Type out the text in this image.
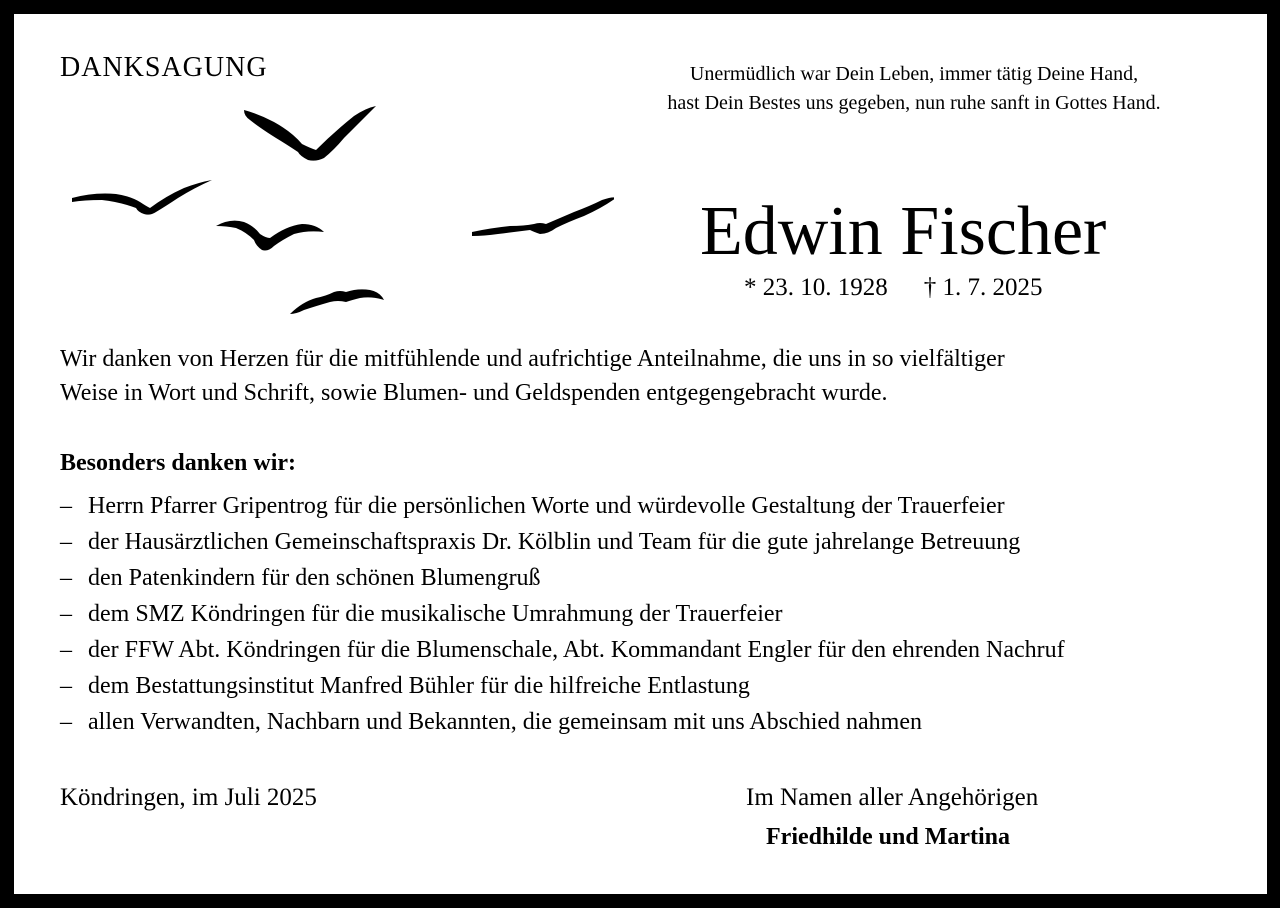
DANKSAGUNG	Unermüdlich war Dein Leben, immer tätig Deine Hand,
hast Dein Bestes uns gegeben, nun ruhe sanft in Gottes Hand.
Edwin Fischer
* 23. 10. 1928 † 1. 7. 2025
Wir danken von Herzen für die mitfühlende und aufrichtige Anteilnahme, die uns in so vielfältiger
Weise in Wort und Schrift, sowie Blumen- und Geldspenden entgegengebracht wurde.
Besonders danken wir:
– Herrn Pfarrer Gripentrog für die persönlichen Worte und würdevolle Gestaltung der Trauerfeier
– der Hausärztlichen Gemeinschaftspraxis Dr. Kölblin und Team für die gute jahrelange Betreuung
– den Patenkindern für den schönen Blumengruß
– dem SMZ Köndringen für die musikalische Umrahmung der Trauerfeier
– der FFW Abt. Köndringen für die Blumenschale, Abt. Kommandant Engler für den ehrenden Nachruf
– dem Bestattungsinstitut Manfred Bühler für die hilfreiche Entlastung
– allen Verwandten, Nachbarn und Bekannten, die gemeinsam mit uns Abschied nahmen
Köndringen, im Juli 2025	Im Namen aller Angehörigen
Friedhilde und Martina
